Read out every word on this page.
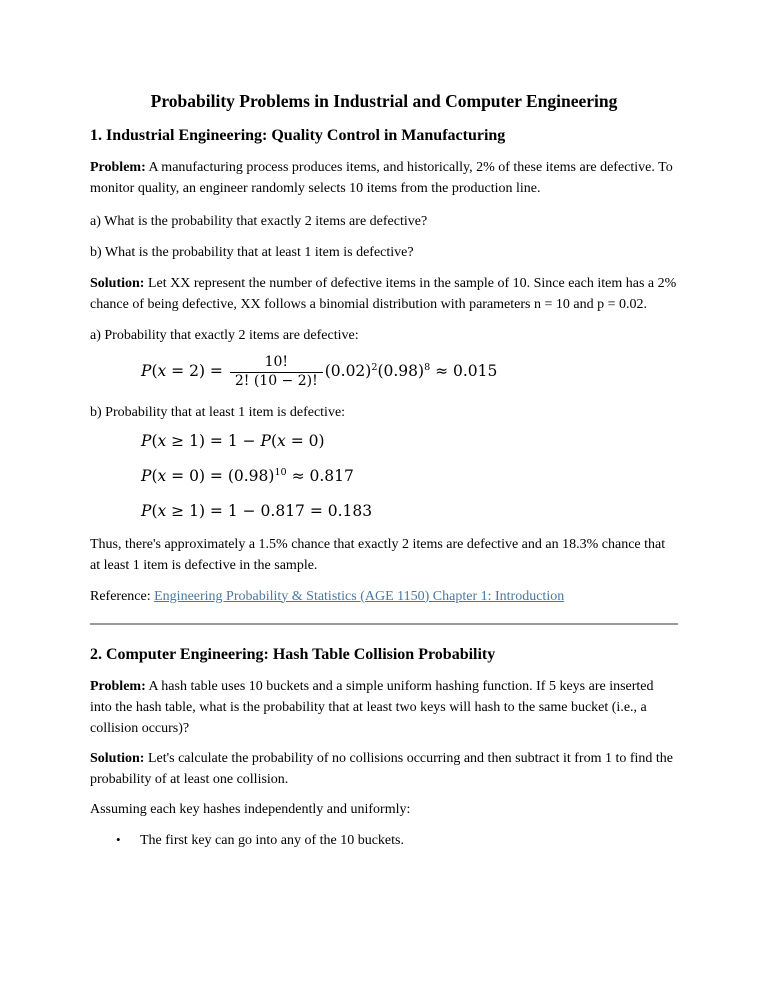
Probability Problems in Industrial and Computer Engineering
1. Industrial Engineering: Quality Control in Manufacturing

Problem: A manufacturing process produces items, and historically, 2% of these items are defective. To monitor quality, an engineer randomly selects 10 items from the production line.

a) What is the probability that exactly 2 items are defective?

b) What is the probability that at least 1 item is defective?

Solution: Let XX represent the number of defective items in the sample of 10. Since each item has a 2% chance of being defective, XX follows a binomial distribution with parameters n = 10 and p = 0.02.

a) Probability that exactly 2 items are defective:

$P(x = 2) = \frac{10!}{2! (10 - 2)!} (0.02)^2(0.98)^8 \approx 0.015$

b) Probability that at least 1 item is defective:

P(x ≥ 1) = 1 − P(x = 0)
$P(x = 0) = (0.98)^{10} \approx 0.817$
P(x ≥ 1) = 1 − 0.817 = 0.183

Thus, there's approximately a 1.5% chance that exactly 2 items are defective and an 18.3% chance that at least 1 item is defective in the sample.

Reference: Engineering Probability & Statistics (AGE 1150) Chapter 1: Introduction

2. Computer Engineering: Hash Table Collision Probability

Problem: A hash table uses 10 buckets and a simple uniform hashing function. If 5 keys are inserted into the hash table, what is the probability that at least two keys will hash to the same bucket (i.e., a collision occurs)?

Solution: Let's calculate the probability of no collisions occurring and then subtract it from 1 to find the probability of at least one collision.

Assuming each key hashes independently and uniformly:

•	The first key can go into any of the 10 buckets.
